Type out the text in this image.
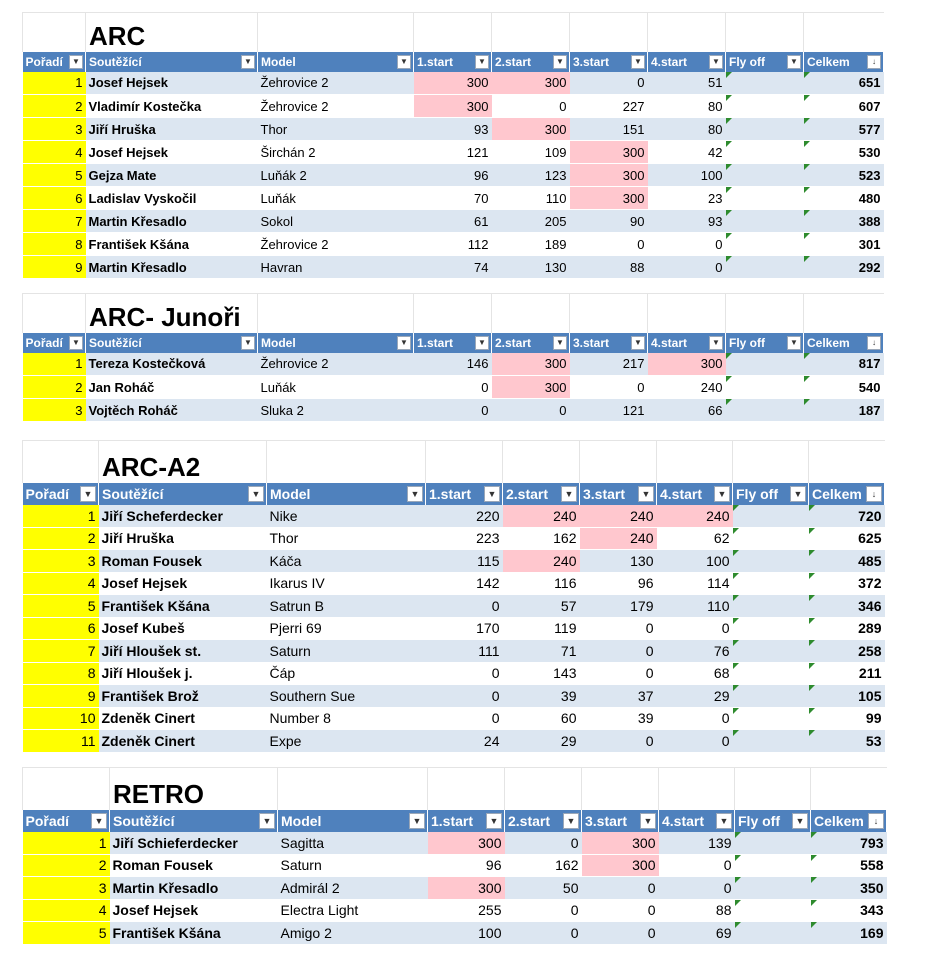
	ARC							
Pořadí ▼	Soutěžící ▼	Model ▼	1.start ▼	2.start ▼	3.start ▼	4.start ▼	Fly off ▼	Celkem ↓

1	Josef Hejsek	Žehrovice 2	300	300	0	51		651

2	Vladimír Kostečka	Žehrovice 2	300	0	227	80		607

3	Jiří Hruška	Thor	93	300	151	80		577

4	Josef Hejsek	Širchán 2	121	109	300	42		530

5	Gejza Mate	Luňák 2	96	123	300	100		523

6	Ladislav Vyskočil	Luňák	70	110	300	23		480

7	Martin Křesadlo	Sokol	61	205	90	93		388

8	František Kšána	Žehrovice 2	112	189	0	0		301

9	Martin Křesadlo	Havran	74	130	88	0		292
	ARC- Junoři							
Pořadí ▼	Soutěžící ▼	Model ▼	1.start ▼	2.start ▼	3.start ▼	4.start ▼	Fly off ▼	Celkem ↓

1	Tereza Kostečková	Žehrovice 2	146	300	217	300		817

2	Jan Roháč	Luňák	0	300	0	240		540

3	Vojtěch Roháč	Sluka 2	0	0	121	66		187
	ARC-A2							
Pořadí ▼	Soutěžící ▼	Model ▼	1.start ▼	2.start ▼	3.start ▼	4.start ▼	Fly off ▼	Celkem ↓

1	Jiří Scheferdecker	Nike	220	240	240	240		720

2	Jiří Hruška	Thor	223	162	240	62		625

3	Roman Fousek	Káča	115	240	130	100		485

4	Josef Hejsek	Ikarus IV	142	116	96	114		372

5	František Kšána	Satrun B	0	57	179	110		346

6	Josef Kubeš	Pjerri 69	170	119	0	0		289

7	Jiří Hloušek st.	Saturn	111	71	0	76		258

8	Jiří Hloušek j.	Čáp	0	143	0	68		211

9	František Brož	Southern Sue	0	39	37	29		105

10	Zdeněk Cinert	Number 8	0	60	39	0		99

11	Zdeněk Cinert	Expe	24	29	0	0		53
	RETRO							
Pořadí ▼	Soutěžící ▼	Model ▼	1.start ▼	2.start ▼	3.start ▼	4.start ▼	Fly off ▼	Celkem ↓

1	Jiří Schieferdecker	Sagitta	300	0	300	139		793

2	Roman Fousek	Saturn	96	162	300	0		558

3	Martin Křesadlo	Admirál 2	300	50	0	0		350

4	Josef Hejsek	Electra Light	255	0	0	88		343

5	František Kšána	Amigo 2	100	0	0	69		169
